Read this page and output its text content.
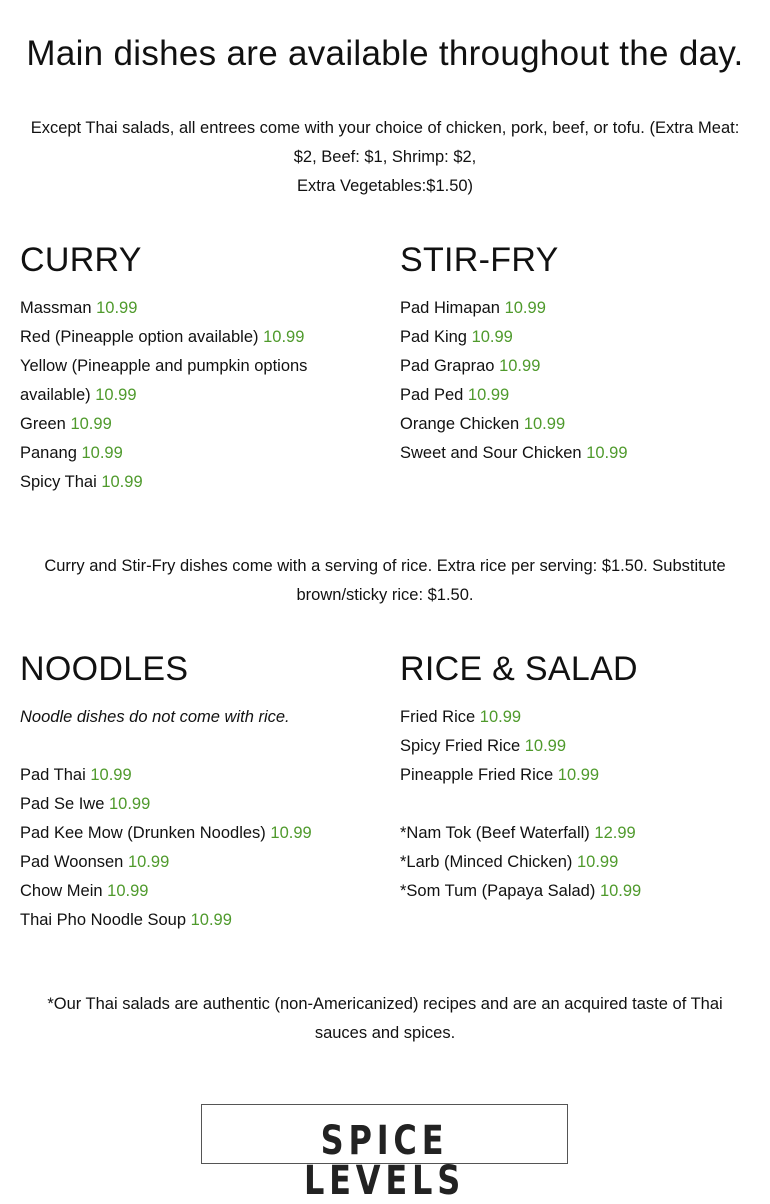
Main dishes are available throughout the day.

Except Thai salads, all entrees come with your choice of chicken, pork, beef, or tofu. (Extra Meat: $2, Beef: $1, Shrimp: $2,
Extra Vegetables:$1.50)

CURRY
Massman 10.99
Red (Pineapple option available) 10.99
Yellow (Pineapple and pumpkin options available) 10.99
Green 10.99
Panang 10.99
Spicy Thai 10.99
STIR-FRY
Pad Himapan 10.99
Pad King 10.99
Pad Graprao 10.99
Pad Ped 10.99
Orange Chicken 10.99
Sweet and Sour Chicken 10.99

Curry and Stir-Fry dishes come with a serving of rice. Extra rice per serving: $1.50. Substitute brown/sticky rice: $1.50.

NOODLES

Noodle dishes do not come with rice.

Pad Thai 10.99
Pad Se Iwe 10.99
Pad Kee Mow (Drunken Noodles) 10.99
Pad Woonsen 10.99
Chow Mein 10.99
Thai Pho Noodle Soup 10.99
RICE & SALAD
Fried Rice 10.99
Spicy Fried Rice 10.99
Pineapple Fried Rice 10.99
*Nam Tok (Beef Waterfall) 12.99
*Larb (Minced Chicken) 10.99
*Som Tum (Papaya Salad) 10.99

*Our Thai salads are authentic (non-Americanized) recipes and are an acquired taste of Thai sauces and spices.

SPICE LEVELS
